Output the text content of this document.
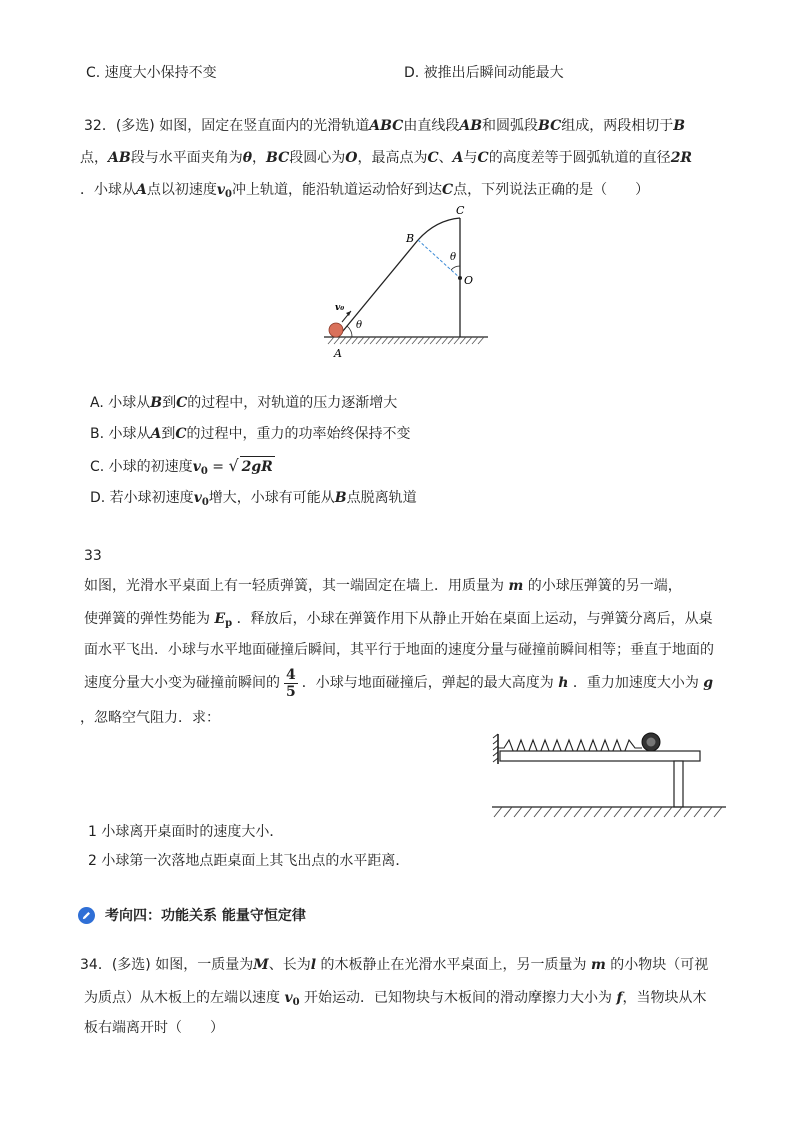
C. 速度大小保持不变	D. 被推出后瞬间动能最大
32．(多选) 如图，固定在竖直面内的光滑轨道ABC由直线段AB和圆弧段BC组成，两段相切于B
点，AB段与水平面夹角为θ，BC段圆心为O，最高点为C、A与C的高度差等于圆弧轨道的直径2R
．小球从A点以初速度$v_0$冲上轨道，能沿轨道运动恰好到达C点，下列说法正确的是（　　）
A
B
C
O
θ
θ
v₀
A. 小球从B到C的过程中，对轨道的压力逐渐增大
B. 小球从A到C的过程中，重力的功率始终保持不变
C. 小球的初速度$v_0$ = √ 2gR
D. 若小球初速度$v_0$增大，小球有可能从B点脱离轨道
33
如图，光滑水平桌面上有一轻质弹簧，其一端固定在墙上．用质量为 m 的小球压弹簧的另一端，
使弹簧的弹性势能为 $E_p$ ．释放后，小球在弹簧作用下从静止开始在桌面上运动，与弹簧分离后，从桌
面水平飞出．小球与水平地面碰撞后瞬间，其平行于地面的速度分量与碰撞前瞬间相等；垂直于地面的
速度分量大小变为碰撞前瞬间的 $\frac{4}{5}$ ．小球与地面碰撞后，弹起的最大高度为 h ．重力加速度大小为 g
，忽略空气阻力．求：
1 小球离开桌面时的速度大小．
2 小球第一次落地点距桌面上其飞出点的水平距离．
考向四：功能关系 能量守恒定律
34．(多选) 如图，一质量为M、长为l 的木板静止在光滑水平桌面上，另一质量为 m 的小物块（可视
为质点）从木板上的左端以速度 $v_0$ 开始运动．已知物块与木板间的滑动摩擦力大小为 f，当物块从木
板右端离开时（　　）
